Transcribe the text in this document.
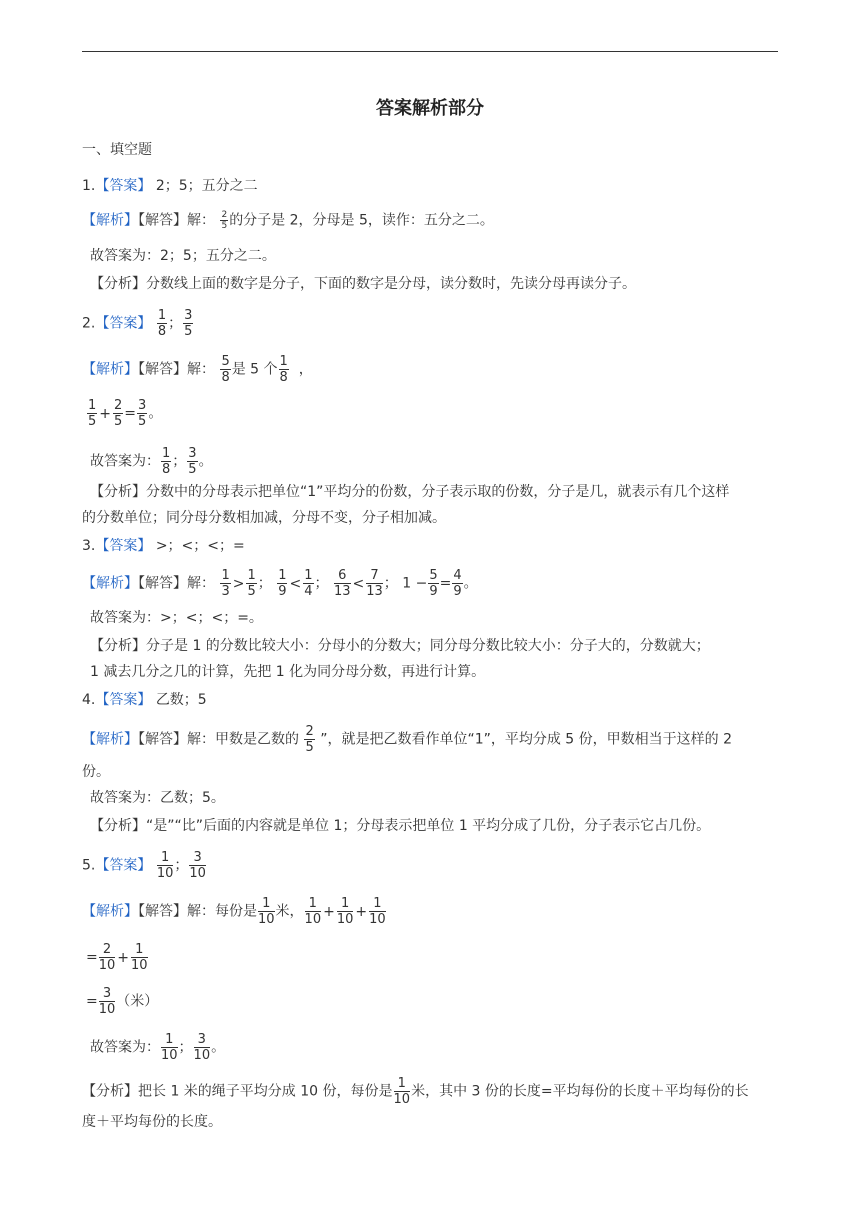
答案解析部分
一、填空题
1.【答案】 2；5；五分之二
【解析】【解答】解： $\frac{2}{5}$ 的分子是 2，分母是 5，读作：五分之二。
故答案为：2；5；五分之二。
【分析】分数线上面的数字是分子，下面的数字是分母，读分数时，先读分母再读分子。
2.【答案】 $\frac{1}{8}$ ； $\frac{3}{5}$
【解析】【解答】解： $\frac{5}{8}$ 是 5 个 $\frac{1}{8}$ ，
$\frac{1}{5} + \frac{2}{5} = \frac{3}{5}$ 。
故答案为： $\frac{1}{8}$ ； $\frac{3}{5}$ 。
【分析】分数中的分母表示把单位“1”平均分的份数，分子表示取的份数，分子是几，就表示有几个这样
的分数单位；同分母分数相加减，分母不变，分子相加减。
3.【答案】 >；<；<；=
【解析】【解答】解： $\frac{1}{3} > \frac{1}{5}$ ； $\frac{1}{9} < \frac{1}{4}$ ； $\frac{6}{13} < \frac{7}{13}$ ； $1 - \frac{5}{9} = \frac{4}{9}$ 。
故答案为：>；<；<；=。
【分析】分子是 1 的分数比较大小：分母小的分数大；同分母分数比较大小：分子大的，分数就大；
1 减去几分之几的计算，先把 1 化为同分母分数，再进行计算。
4.【答案】 乙数；5
【解析】【解答】解：甲数是乙数的 $\frac{2}{5}$ ”，就是把乙数看作单位“1”，平均分成 5 份，甲数相当于这样的 2
份。
故答案为：乙数；5。
【分析】“是”“比”后面的内容就是单位 1；分母表示把单位 1 平均分成了几份，分子表示它占几份。
5.【答案】 $\frac{1}{10}$ ； $\frac{3}{10}$
【解析】【解答】解：每份是 $\frac{1}{10}$ 米， $\frac{1}{10} + \frac{1}{10} + \frac{1}{10}$
= $\frac{2}{10} + \frac{1}{10}$
= $\frac{3}{10}$ （米）
故答案为： $\frac{1}{10}$ ； $\frac{3}{10}$ 。
【分析】把长 1 米的绳子平均分成 10 份，每份是 $\frac{1}{10}$ 米，其中 3 份的长度=平均每份的长度＋平均每份的长
度＋平均每份的长度。
